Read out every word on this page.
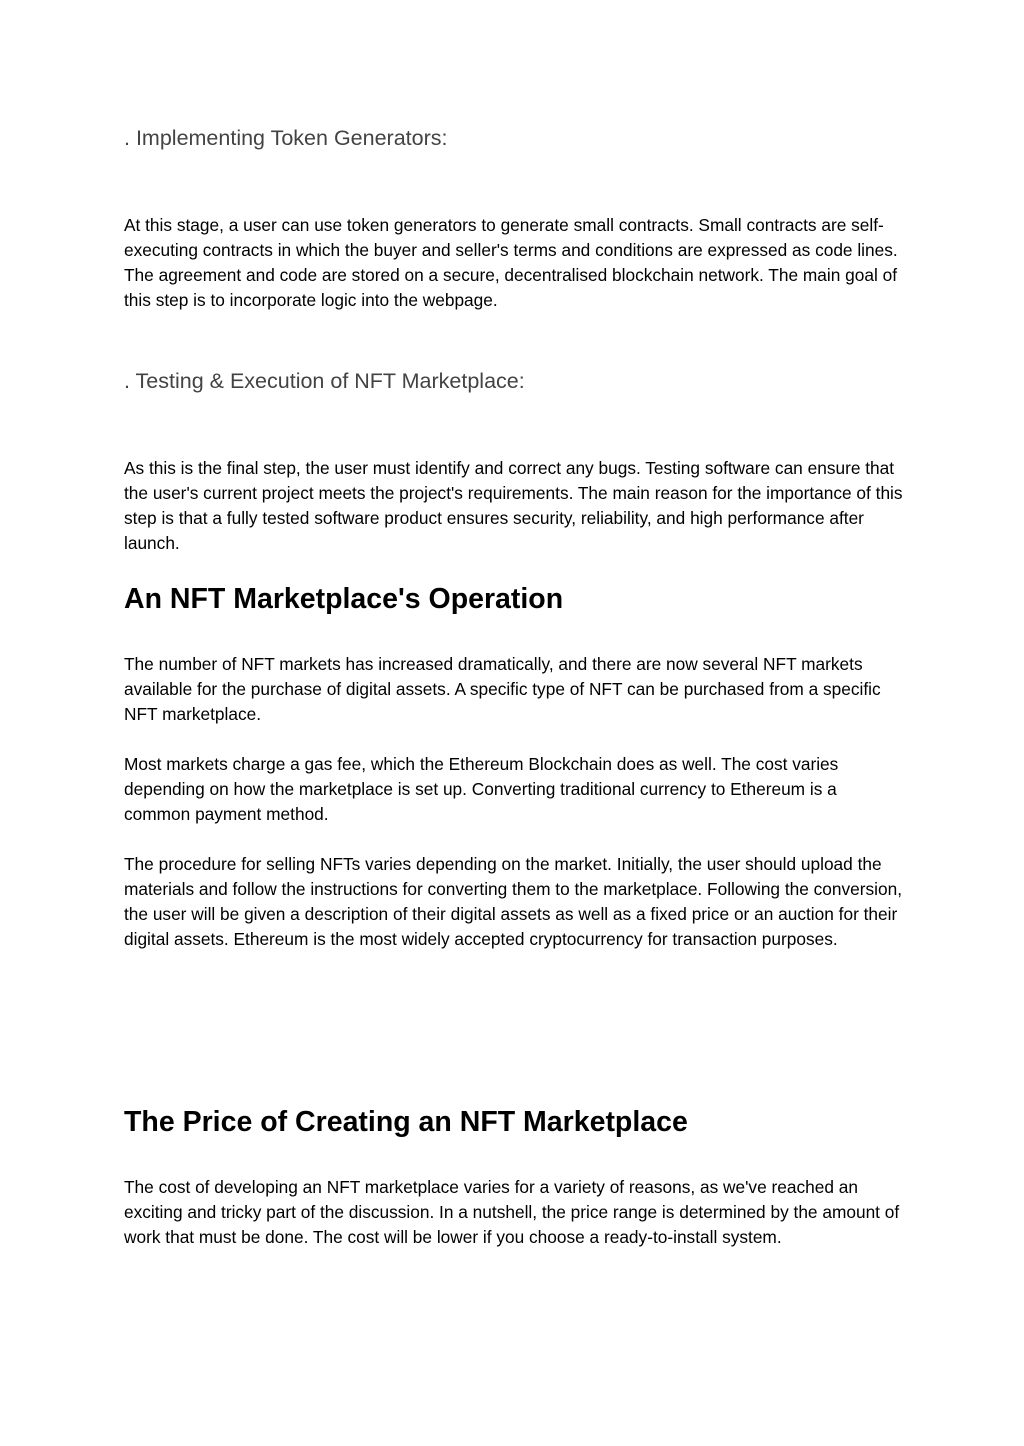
. Implementing Token Generators:

At this stage, a user can use token generators to generate small contracts. Small contracts are self-executing contracts in which the buyer and seller's terms and conditions are expressed as code lines. The agreement and code are stored on a secure, decentralised blockchain network. The main goal of this step is to incorporate logic into the webpage.

. Testing & Execution of NFT Marketplace:

As this is the final step, the user must identify and correct any bugs. Testing software can ensure that the user's current project meets the project's requirements. The main reason for the importance of this step is that a fully tested software product ensures security, reliability, and high performance after launch.

An NFT Marketplace's Operation

The number of NFT markets has increased dramatically, and there are now several NFT markets available for the purchase of digital assets. A specific type of NFT can be purchased from a specific NFT marketplace.

Most markets charge a gas fee, which the Ethereum Blockchain does as well. The cost varies depending on how the marketplace is set up. Converting traditional currency to Ethereum is a common payment method.

The procedure for selling NFTs varies depending on the market. Initially, the user should upload the materials and follow the instructions for converting them to the marketplace. Following the conversion, the user will be given a description of their digital assets as well as a fixed price or an auction for their digital assets. Ethereum is the most widely accepted cryptocurrency for transaction purposes.

The Price of Creating an NFT Marketplace

The cost of developing an NFT marketplace varies for a variety of reasons, as we've reached an exciting and tricky part of the discussion. In a nutshell, the price range is determined by the amount of work that must be done. The cost will be lower if you choose a ready-to-install system.
